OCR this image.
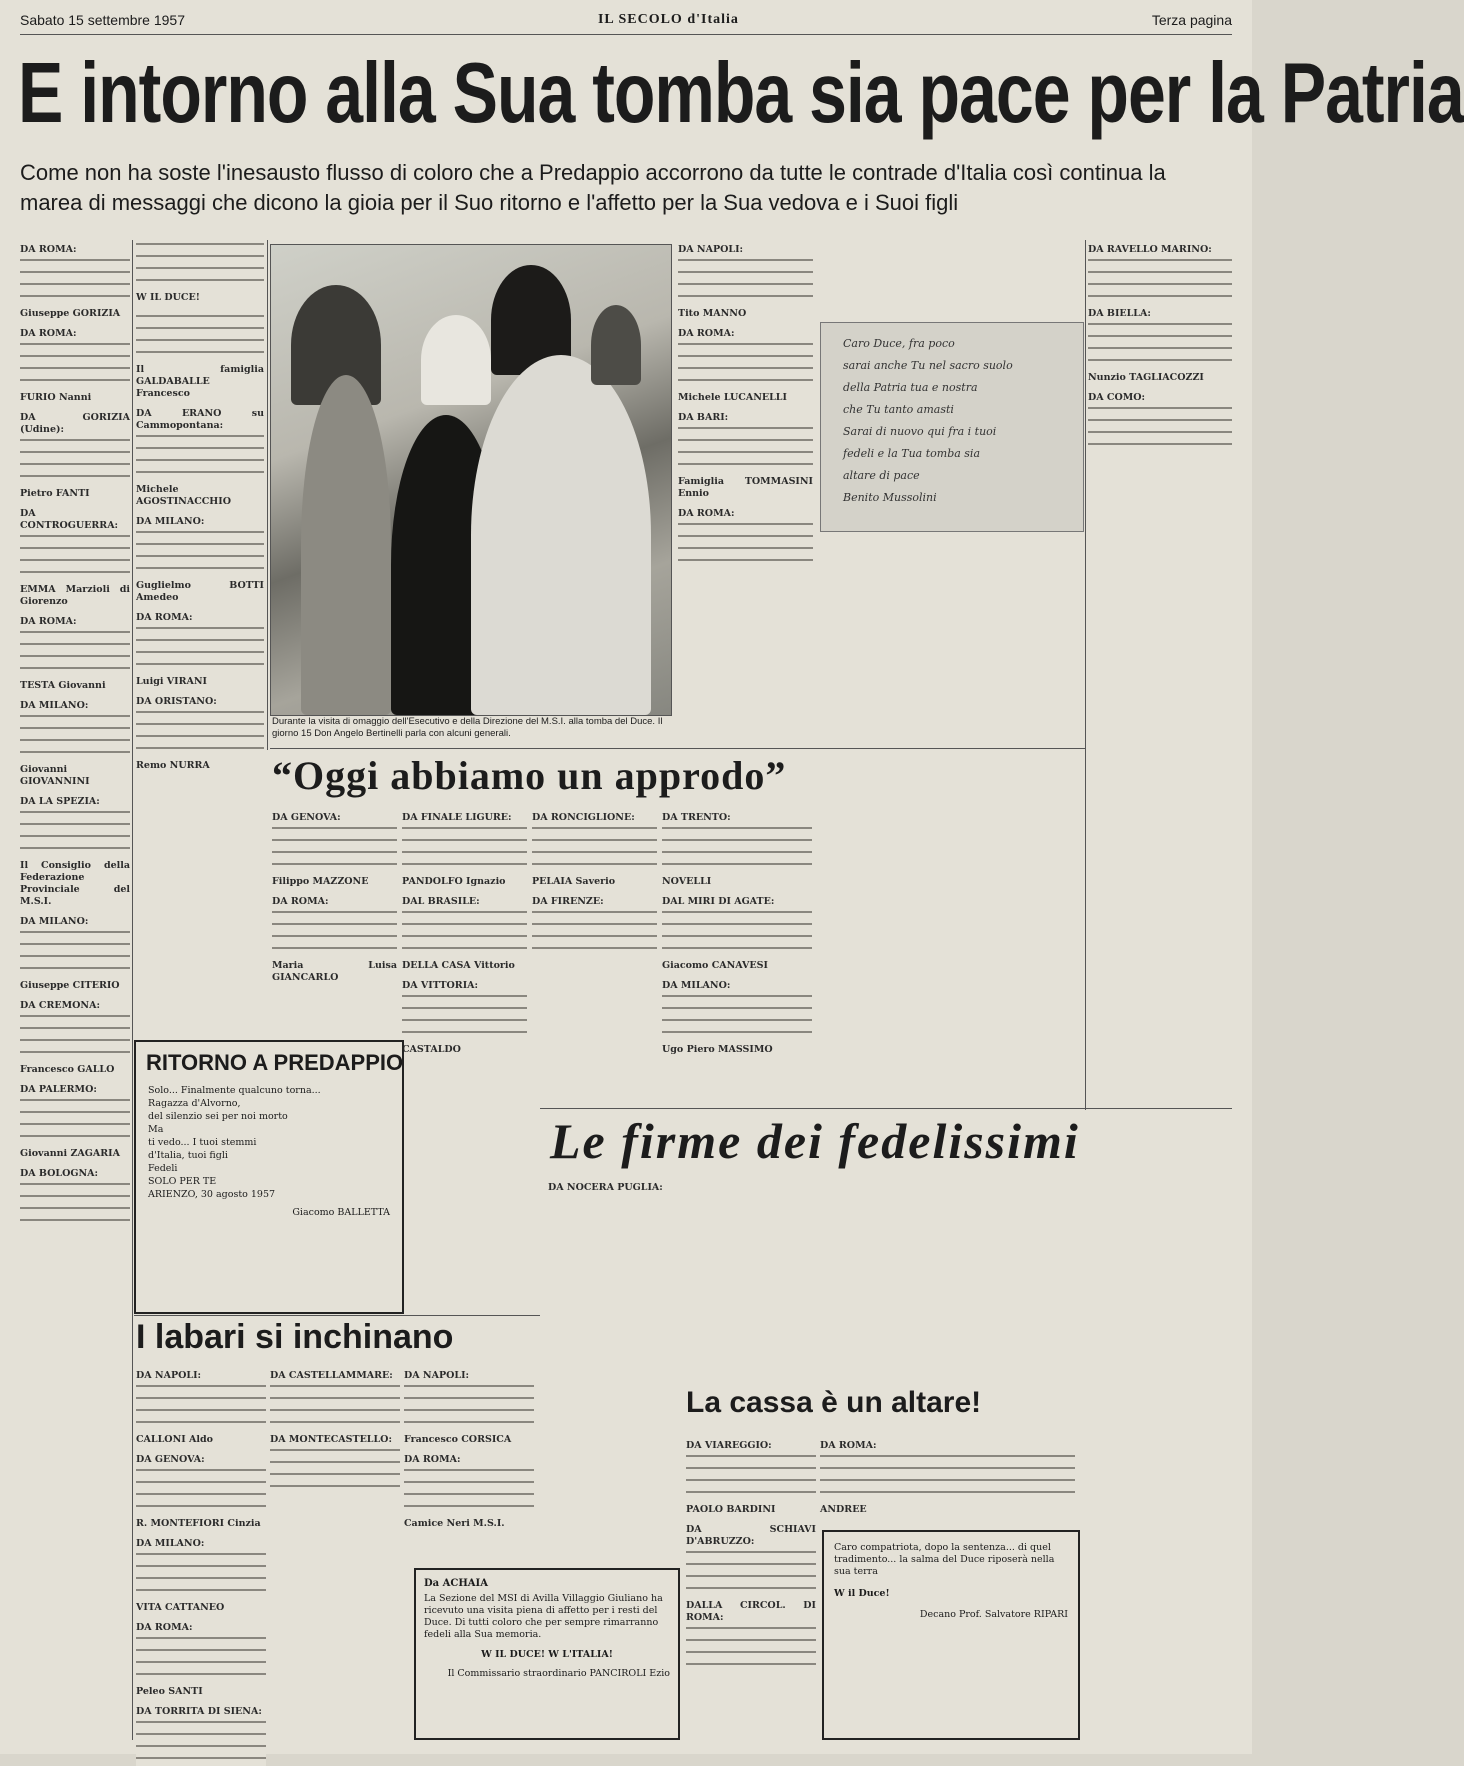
Sabato 15 settembre 1957	IL SECOLO d'Italia	Terza pagina
E intorno alla Sua tomba sia pace per la Patria
Come non ha soste l'inesausto flusso di coloro che a Predappio accorrono da tutte le contrade d'Italia così continua la marea di messaggi che dicono la gioia per il Suo ritorno e l'affetto per la Sua vedova e i Suoi figli
DA ROMA:
Giuseppe GORIZIA
DA ROMA:
FURIO Nanni
DA GORIZIA (Udine):
Pietro FANTI
DA CONTROGUERRA:
EMMA Marzioli di Giorenzo
DA ROMA:
TESTA Giovanni
DA MILANO:
Giovanni GIOVANNINI
DA LA SPEZIA:
Il Consiglio della Federazione Provinciale del M.S.I.
DA MILANO:
Giuseppe CITERIO
DA CREMONA:
Francesco GALLO
DA PALERMO:
Giovanni ZAGARIA
DA BOLOGNA:
W IL DUCE!
Il famiglia GALDABALLE Francesco
DA ERANO su Cammopontana:
Michele AGOSTINACCHIO
DA MILANO:
Guglielmo BOTTI Amedeo
DA ROMA:
Luigi VIRANI
DA ORISTANO:
Remo NURRA
Durante la visita di omaggio dell'Esecutivo e della Direzione del M.S.I. alla tomba del Duce. Il giorno 15 Don Angelo Bertinelli parla con alcuni generali.
DA NAPOLI:
Tito MANNO
DA ROMA:
Michele LUCANELLI
DA BARI:
Famiglia TOMMASINI Ennio
DA ROMA:
Caro Duce, fra poco
sarai anche Tu nel sacro suolo
della Patria tua e nostra
che Tu tanto amasti
Sarai di nuovo qui fra i tuoi
fedeli e la Tua tomba sia
altare di pace
Benito Mussolini
DA RAVELLO MARINO:
DA BIELLA:
Nunzio TAGLIACOZZI
DA COMO:
“Oggi abbiamo un approdo”
DA GENOVA:
Filippo MAZZONE
DA ROMA:
Maria Luisa GIANCARLO
DA FINALE LIGURE:
PANDOLFO Ignazio
DAL BRASILE:
DELLA CASA Vittorio
DA VITTORIA:
CASTALDO
DA RONCIGLIONE:
PELAIA Saverio
DA FIRENZE:
DA TRENTO:
NOVELLI
DAL MIRI DI AGATE:
Giacomo CANAVESI
DA MILANO:
Ugo Piero MASSIMO
RITORNO A PREDAPPIO
Solo... Finalmente qualcuno torna...
Ragazza d'Alvorno,
del silenzio sei per noi morto
Ma
ti vedo... I tuoi stemmi
d'Italia, tuoi figli
Fedeli
SOLO PER TE
ARIENZO, 30 agosto 1957
Giacomo BALLETTA
Le firme dei fedelissimi
DA NOCERA PUGLIA:
I labari si inchinano
DA NAPOLI:
CALLONI Aldo
DA GENOVA:
R. MONTEFIORI Cinzia
DA MILANO:
VITA CATTANEO
DA ROMA:
Peleo SANTI
DA TORRITA DI SIENA:
DA CASTELLAMMARE:
DA MONTECASTELLO:
DA NAPOLI:
Francesco CORSICA
DA ROMA:
Camice Neri M.S.I.
La cassa è un altare!
DA VIAREGGIO:
PAOLO BARDINI
DA SCHIAVI D'ABRUZZO:
DALLA CIRCOL. DI ROMA:
DA ROMA:
ANDREE
Da ACHAIA
La Sezione del MSI di Avilla Villaggio Giuliano ha ricevuto una visita piena di affetto per i resti del Duce. Di tutti coloro che per sempre rimarranno fedeli alla Sua memoria.
W IL DUCE! W L'ITALIA!
Il Commissario straordinario PANCIROLI Ezio
Caro compatriota, dopo la sentenza... di quel tradimento... la salma del Duce riposerà nella sua terra
W il Duce!
Decano Prof. Salvatore RIPARI
